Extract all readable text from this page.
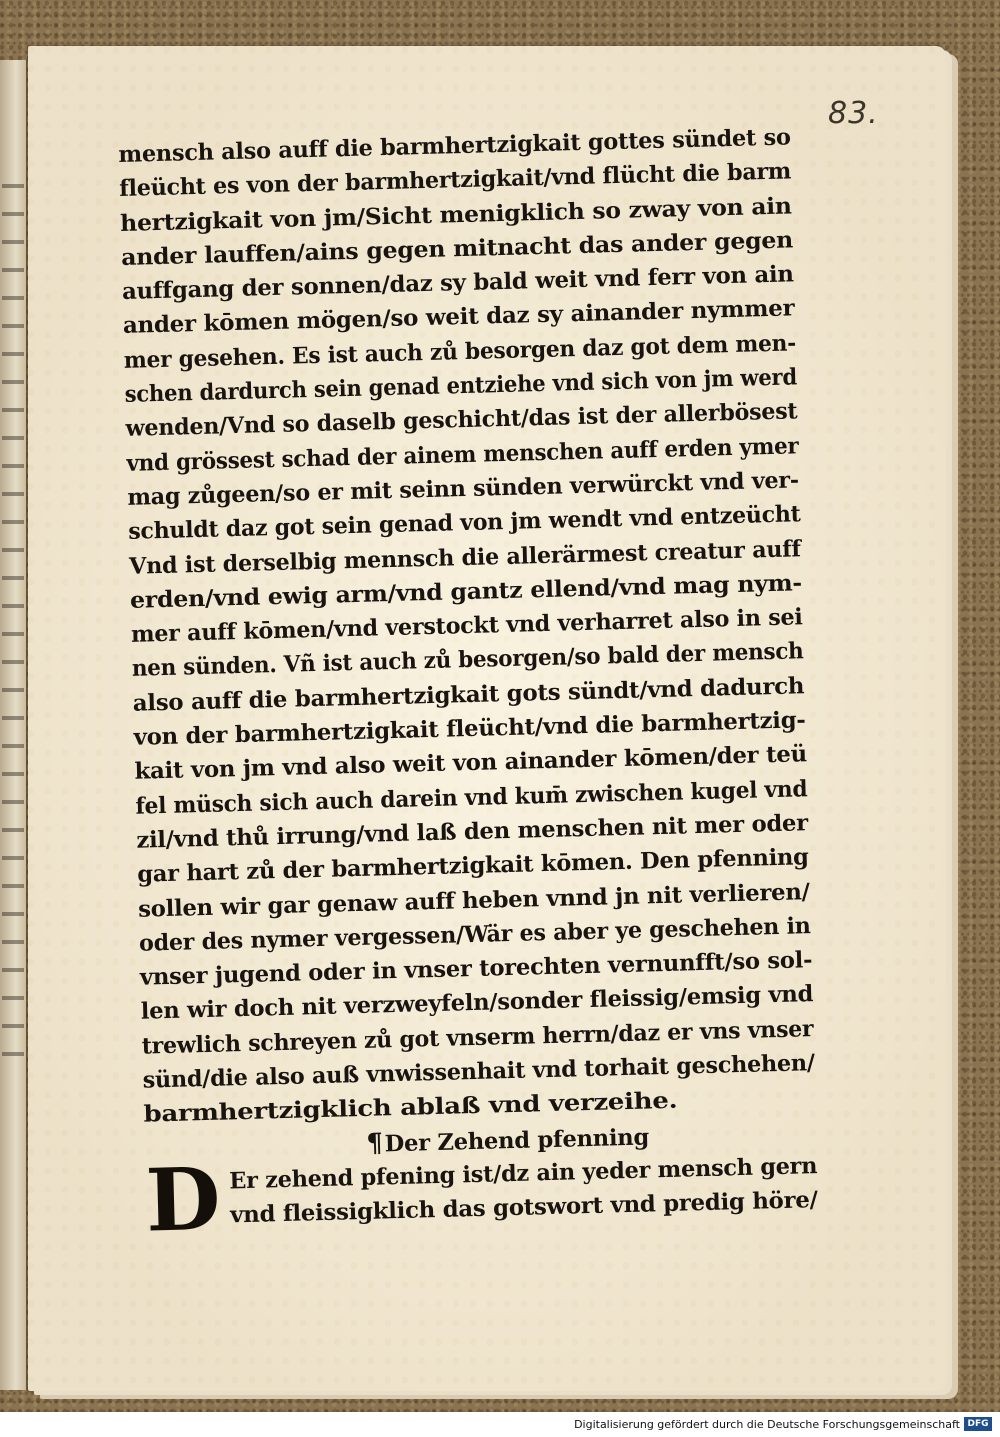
83.
mensch also auff die barmhertzigkait gottes sündet so
fleücht es von der barmhertzigkait/vnd flücht die barm
hertzigkait von jm/Sicht menigklich so zway von ain
ander lauffen/ains gegen mitnacht das ander gegen
auffgang der sonnen/daz sy bald weit vnd ferr von ain
ander kōmen mögen/so weit daz sy ainander nymmer
mer gesehen. Es ist auch zů besorgen daz got dem men-
schen dardurch sein genad entziehe vnd sich von jm werd
wenden/Vnd so daselb geschicht/das ist der allerbösest
vnd grössest schad der ainem menschen auff erden ymer
mag zůgeen/so er mit seinn sünden verwürckt vnd ver-
schuldt daz got sein genad von jm wendt vnd entzeücht
Vnd ist derselbig mennsch die allerärmest creatur auff
erden/vnd ewig arm/vnd gantz ellend/vnd mag nym-
mer auff kōmen/vnd verstockt vnd verharret also in sei
nen sünden. Vñ ist auch zů besorgen/so bald der mensch
also auff die barmhertzigkait gots sündt/vnd dadurch
von der barmhertzigkait fleücht/vnd die barmhertzig-
kait von jm vnd also weit von ainander kōmen/der teü
fel müsch sich auch darein vnd kum̄ zwischen kugel vnd
zil/vnd thů irrung/vnd laß den menschen nit mer oder
gar hart zů der barmhertzigkait kōmen. Den pfenning
sollen wir gar genaw auff heben vnnd jn nit verlieren/
oder des nymer vergessen/Wär es aber ye geschehen in
vnser jugend oder in vnser torechten vernunfft/so sol-
len wir doch nit verzweyfeln/sonder fleissig/emsig vnd
trewlich schreyen zů got vnserm herrn/daz er vns vnser
sünd/die also auß vnwissenhait vnd torhait geschehen/
barmhertzigklich ablaß vnd verzeihe.
¶Der Zehend pfenning
D Er zehend pfening ist/dz ain yeder mensch gern
vnd fleissigklich das gotswort vnd predig höre/
Digitalisierung gefördert durch die Deutsche Forschungsgemeinschaft DFG
